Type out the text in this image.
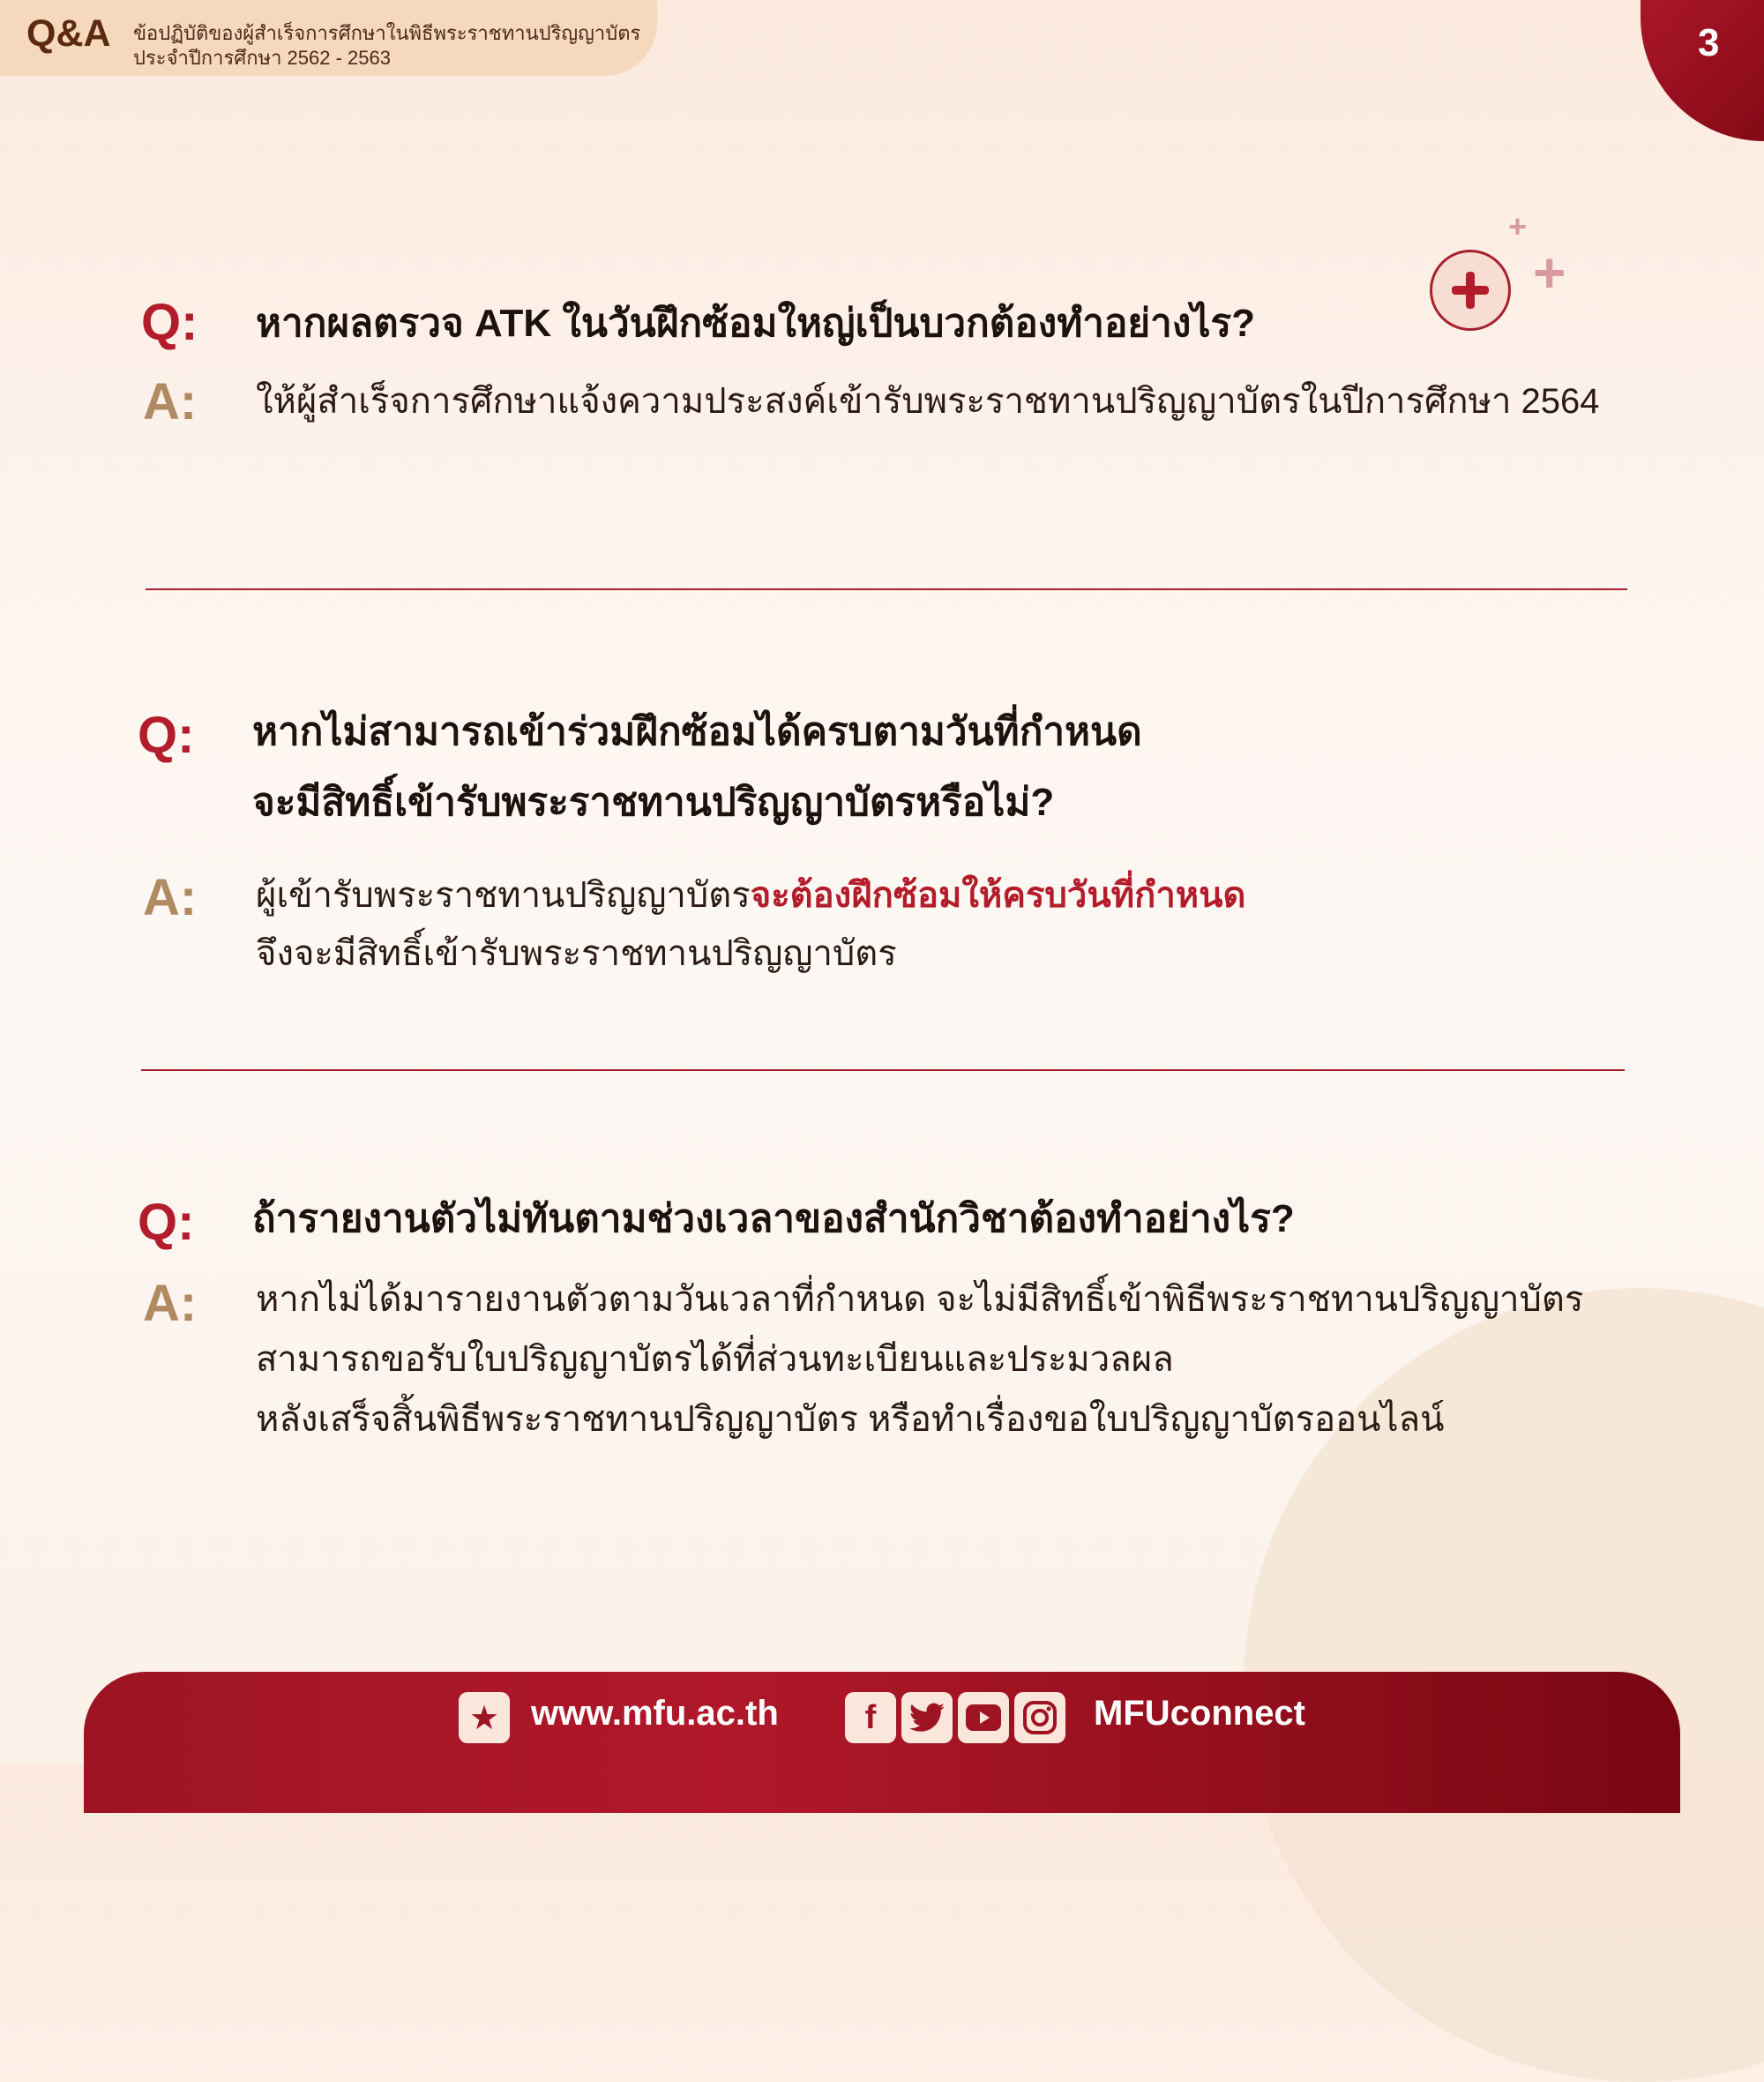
Q&A ข้อปฏิบัติของผู้สำเร็จการศึกษาในพิธีพระราชทานปริญญาบัตร
ประจำปีการศึกษา 2562 - 2563	3
+
+
Q: หากผลตรวจ ATK ในวันฝึกซ้อมใหญ่เป็นบวกต้องทำอย่างไร?
A: ให้ผู้สำเร็จการศึกษาแจ้งความประสงค์เข้ารับพระราชทานปริญญาบัตรในปีการศึกษา 2564
Q: หากไม่สามารถเข้าร่วมฝึกซ้อมได้ครบตามวันที่กำหนด
จะมีสิทธิ์เข้ารับพระราชทานปริญญาบัตรหรือไม่?
A: ผู้เข้ารับพระราชทานปริญญาบัตรจะต้องฝึกซ้อมให้ครบวันที่กำหนด
จึงจะมีสิทธิ์เข้ารับพระราชทานปริญญาบัตร
Q: ถ้ารายงานตัวไม่ทันตามช่วงเวลาของสำนักวิชาต้องทำอย่างไร?
A: หากไม่ได้มารายงานตัวตามวันเวลาที่กำหนด จะไม่มีสิทธิ์เข้าพิธีพระราชทานปริญญาบัตร
สามารถขอรับใบปริญญาบัตรได้ที่ส่วนทะเบียนและประมวลผล
หลังเสร็จสิ้นพิธีพระราชทานปริญญาบัตร หรือทำเรื่องขอใบปริญญาบัตรออนไลน์
★ www.mfu.ac.th	f	MFUconnect
